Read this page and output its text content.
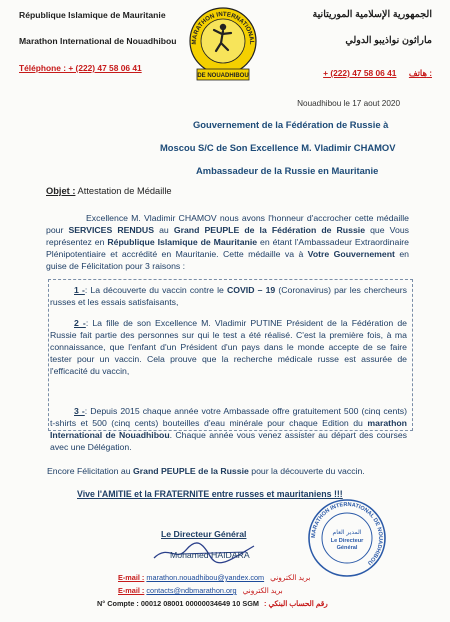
République Islamique de Mauritanie
Marathon International de Nouadhibou
Téléphone : + (222) 47 58 06 41
MARATHON INTERNATIONAL
DE NOUADHIBOU
الجمهورية الإسلامية الموريتانية
ماراثون نواذيبو الدولي
+ (222) 47 58 06 41 هاتف :
Nouadhibou le 17 aout 2020
Gouvernement de la Fédération de Russie à
Moscou S/C de Son Excellence M. Vladimir CHAMOV
Ambassadeur de la Russie en Mauritanie
Objet : Attestation de Médaille
Excellence M. Vladimir CHAMOV nous avons l'honneur d'accrocher cette médaille pour SERVICES RENDUS au Grand PEUPLE de la Fédération de Russie que Vous représentez en République Islamique de Mauritanie en étant l'Ambassadeur Extraordinaire Plénipotentiaire et accrédité en Mauritanie. Cette médaille va à Votre Gouvernement en guise de Félicitation pour 3 raisons :
1 -: La découverte du vaccin contre le COVID – 19 (Coronavirus) par les chercheurs russes et les essais satisfaisants,
2 -: La fille de son Excellence M. Vladimir PUTINE Président de la Fédération de Russie fait partie des personnes sur qui le test a été réalisé. C'est la première fois, à ma connaissance, que l'enfant d'un Président d'un pays dans le monde accepte de se faire tester pour un vaccin. Cela prouve que la recherche médicale russe est assurée de l'efficacité du vaccin,
3 -: Depuis 2015 chaque année votre Ambassade offre gratuitement 500 (cinq cents) t-shirts et 500 (cinq cents) bouteilles d'eau minérale pour chaque Edition du marathon International de Nouadhibou. Chaque année vous venez assister au départ des courses avec une Délégation.
Encore Félicitation au Grand PEUPLE de la Russie pour la découverte du vaccin.
Vive l'AMITIE et la FRATERNITE entre russes et mauritaniens !!!
Le Directeur Général
Mohamed HAIDARA
MARATHON INTERNATIONAL DE NOUADHIBOU
المدير العام
Le Directeur
Général
E-mail : marathon.nouadhibou@yandex.com بريد الكتروني
E-mail : contacts@ndbmarathon.org بريد الكتروني
N° Compte : 00012 08001 00000034649 10 SGM : رقم الحساب البنكي
